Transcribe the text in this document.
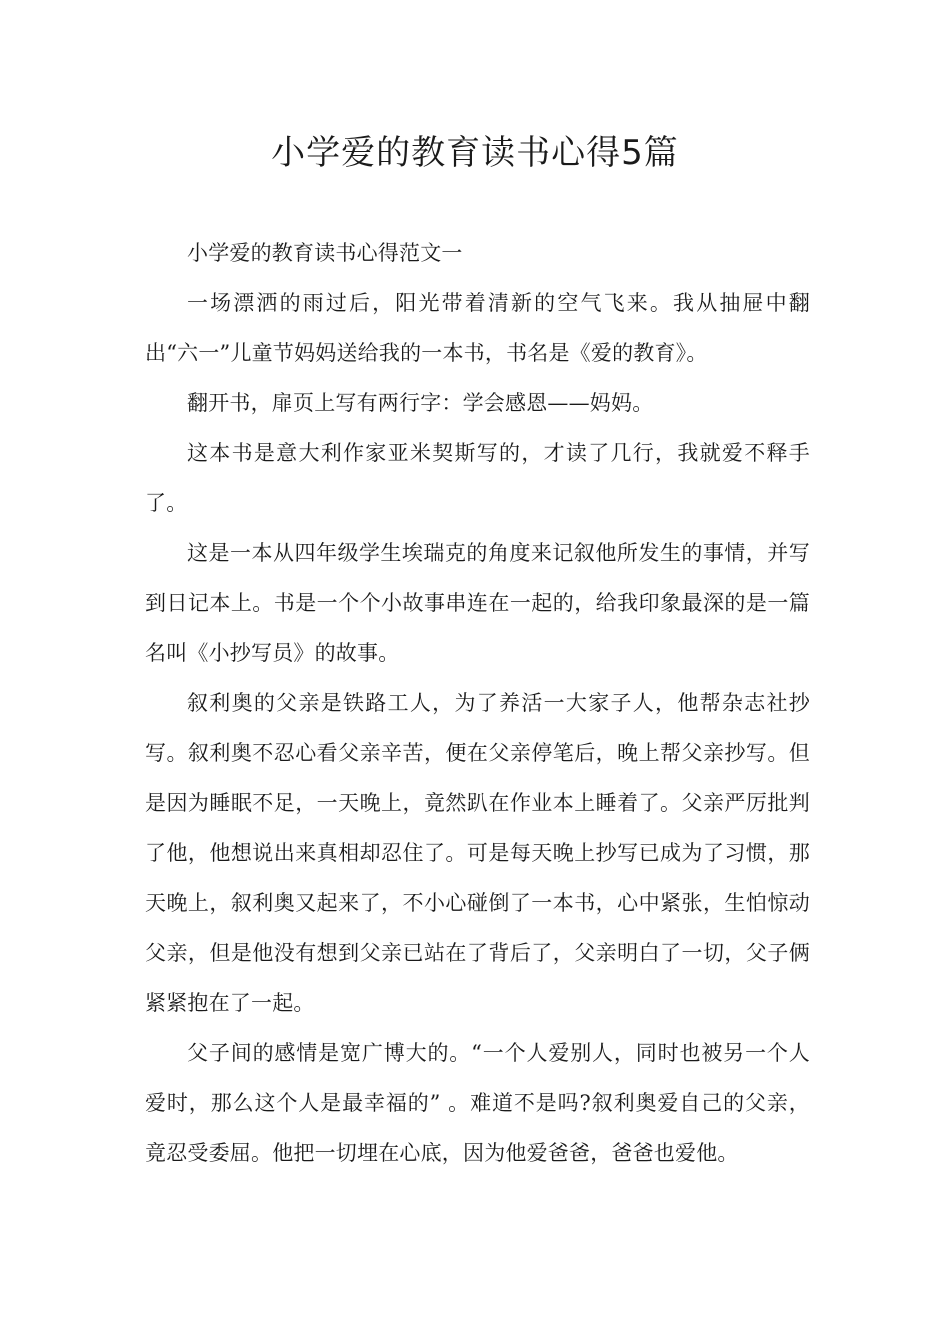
小学爱的教育读书心得5篇

小学爱的教育读书心得范文一

一场漂洒的雨过后，阳光带着清新的空气飞来。我从抽屉中翻出“六一”儿童节妈妈送给我的一本书，书名是《爱的教育》。

翻开书，扉页上写有两行字：学会感恩——妈妈。

这本书是意大利作家亚米契斯写的，才读了几行，我就爱不释手了。

这是一本从四年级学生埃瑞克的角度来记叙他所发生的事情，并写到日记本上。书是一个个小故事串连在一起的，给我印象最深的是一篇名叫《小抄写员》的故事。

叙利奥的父亲是铁路工人，为了养活一大家子人，他帮杂志社抄写。叙利奥不忍心看父亲辛苦，便在父亲停笔后，晚上帮父亲抄写。但是因为睡眠不足，一天晚上，竟然趴在作业本上睡着了。父亲严厉批判了他，他想说出来真相却忍住了。可是每天晚上抄写已成为了习惯，那天晚上，叙利奥又起来了，不小心碰倒了一本书，心中紧张，生怕惊动父亲，但是他没有想到父亲已站在了背后了，父亲明白了一切，父子俩紧紧抱在了一起。

父子间的感情是宽广博大的。“一个人爱别人，同时也被另一个人爱时，那么这个人是最幸福的” 。难道不是吗?叙利奥爱自己的父亲，竟忍受委屈。他把一切埋在心底，因为他爱爸爸，爸爸也爱他。
